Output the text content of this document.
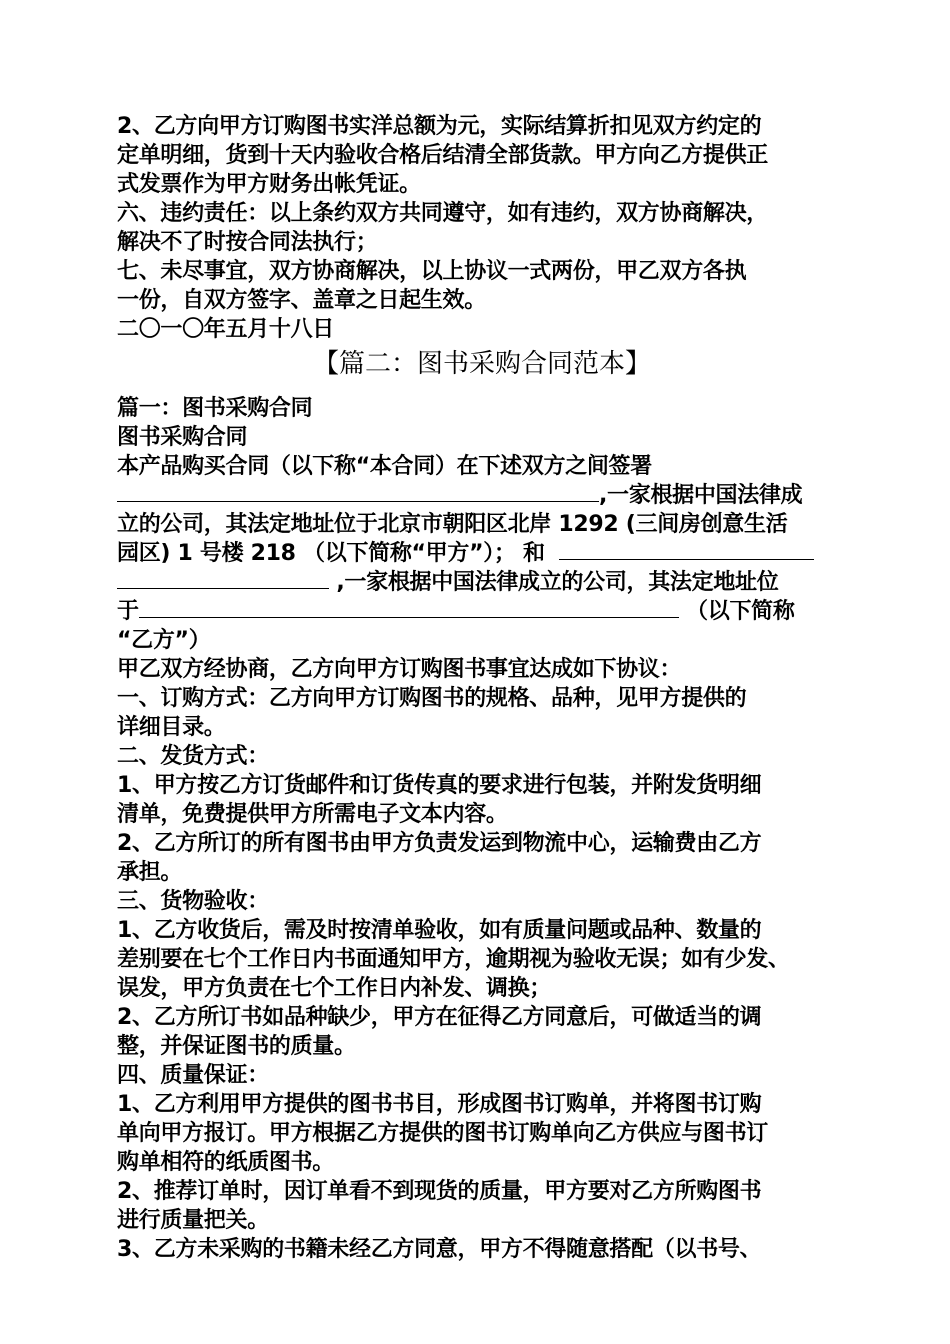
2、乙方向甲方订购图书实洋总额为元，实际结算折扣见双方约定的
定单明细，货到十天内验收合格后结清全部货款。甲方向乙方提供正
式发票作为甲方财务出帐凭证。
六、违约责任：以上条约双方共同遵守，如有违约，双方协商解决，
解决不了时按合同法执行；
七、未尽事宜，双方协商解决，以上协议一式两份，甲乙双方各执
一份，自双方签字、盖章之日起生效。
二〇一〇年五月十八日
【篇二：图书采购合同范本】
篇一：图书采购合同
图书采购合同
本产品购买合同（以下称“本合同）在下述双方之间签署
,一家根据中国法律成
立的公司，其法定地址位于北京市朝阳区北岸 1292 (三间房创意生活
园区) 1 号楼 218 （以下简称“甲方”）； 和
,一家根据中国法律成立的公司，其法定地址位
于	（以下简称
“乙方”）
甲乙双方经协商，乙方向甲方订购图书事宜达成如下协议：
一、订购方式：乙方向甲方订购图书的规格、品种，见甲方提供的
详细目录。
二、发货方式：
1、甲方按乙方订货邮件和订货传真的要求进行包装，并附发货明细
清单，免费提供甲方所需电子文本内容。
2、乙方所订的所有图书由甲方负责发运到物流中心，运输费由乙方
承担。
三、货物验收：
1、乙方收货后，需及时按清单验收，如有质量问题或品种、数量的
差别要在七个工作日内书面通知甲方，逾期视为验收无误；如有少发、
误发，甲方负责在七个工作日内补发、调换；
2、乙方所订书如品种缺少，甲方在征得乙方同意后，可做适当的调
整，并保证图书的质量。
四、质量保证：
1、乙方利用甲方提供的图书书目，形成图书订购单，并将图书订购
单向甲方报订。甲方根据乙方提供的图书订购单向乙方供应与图书订
购单相符的纸质图书。
2、推荐订单时，因订单看不到现货的质量，甲方要对乙方所购图书
进行质量把关。
3、乙方未采购的书籍未经乙方同意，甲方不得随意搭配（以书号、
